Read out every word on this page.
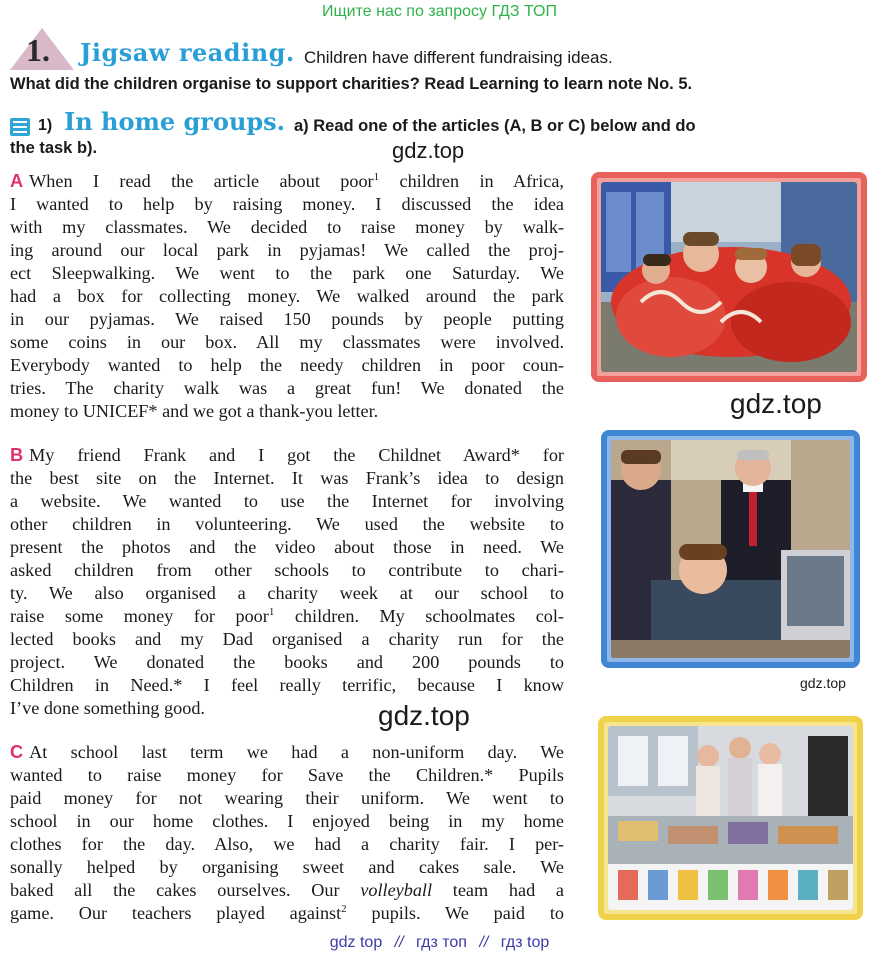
Ищите нас по запросу ГДЗ ТОП
1. Jigsaw reading. Children have different fundraising ideas.
What did the children organise to support charities? Read Learning to learn note No. 5.
1) In home groups. a) Read one of the articles (A, B or C) below and do
the task b).	gdz.top
gdz.top
gdz.top
gdz.top
A When I read the article about poor$^1$ children in Africa,
I wanted to help by raising money. I discussed the idea
with my classmates. We decided to raise money by walk-
ing around our local park in pyjamas! We called the proj-
ect Sleepwalking. We went to the park one Saturday. We
had a box for collecting money. We walked around the park
in our pyjamas. We raised 150 pounds by people putting
some coins in our box. All my classmates were involved.
Everybody wanted to help the needy children in poor coun-
tries. The charity walk was a great fun! We donated the
money to UNICEF* and we got a thank-you letter.
B My friend Frank and I got the Childnet Award* for
the best site on the Internet. It was Frank’s idea to design
a website. We wanted to use the Internet for involving
other children in volunteering. We used the website to
present the photos and the video about those in need. We
asked children from other schools to contribute to chari-
ty. We also organised a charity week at our school to
raise some money for poor$^1$ children. My schoolmates col-
lected books and my Dad organised a charity run for the
project. We donated the books and 200 pounds to
Children in Need.* I feel really terrific, because I know
I’ve done something good.
C At school last term we had a non-uniform day. We
wanted to raise money for Save the Children.* Pupils
paid money for not wearing their uniform. We went to
school in our home clothes. I enjoyed being in my home
clothes for the day. Also, we had a charity fair. I per-
sonally helped by organising sweet and cakes sale. We
baked all the cakes ourselves. Our volleyball team had a
game. Our teachers played against$^2$ pupils. We paid to
gdz top // гдз топ // гдз top
